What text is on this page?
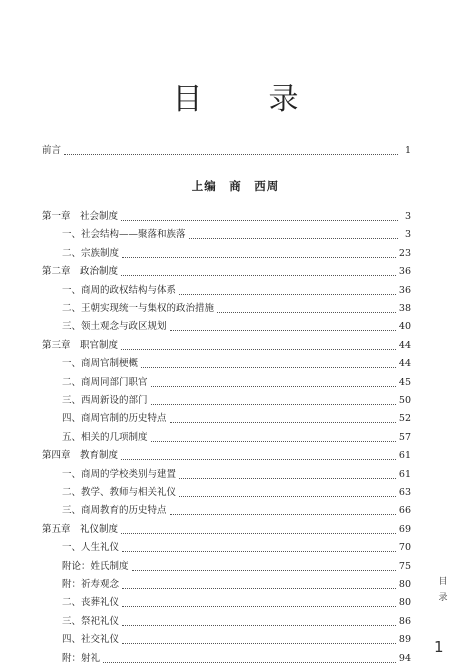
目　录
前言	1
上编　商　西周
第一章　社会制度	3
一、社会结构——聚落和族落	3
二、宗族制度	23
第二章　政治制度	36
一、商周的政权结构与体系	36
二、王朝实现统一与集权的政治措施	38
三、领土观念与政区规划	40
第三章　职官制度	44
一、商周官制梗概	44
二、商周同部门职官	45
三、西周新设的部门	50
四、商周官制的历史特点	52
五、相关的几项制度	57
第四章　教育制度	61
一、商周的学校类别与建置	61
二、教学、教师与相关礼仪	63
三、商周教育的历史特点	66
第五章　礼仪制度	69
一、人生礼仪	70
附论：姓氏制度	75
附：祈寿观念	80
二、丧葬礼仪	80
三、祭祀礼仪	86
四、社交礼仪	89
附：射礼	94
目
录
1
